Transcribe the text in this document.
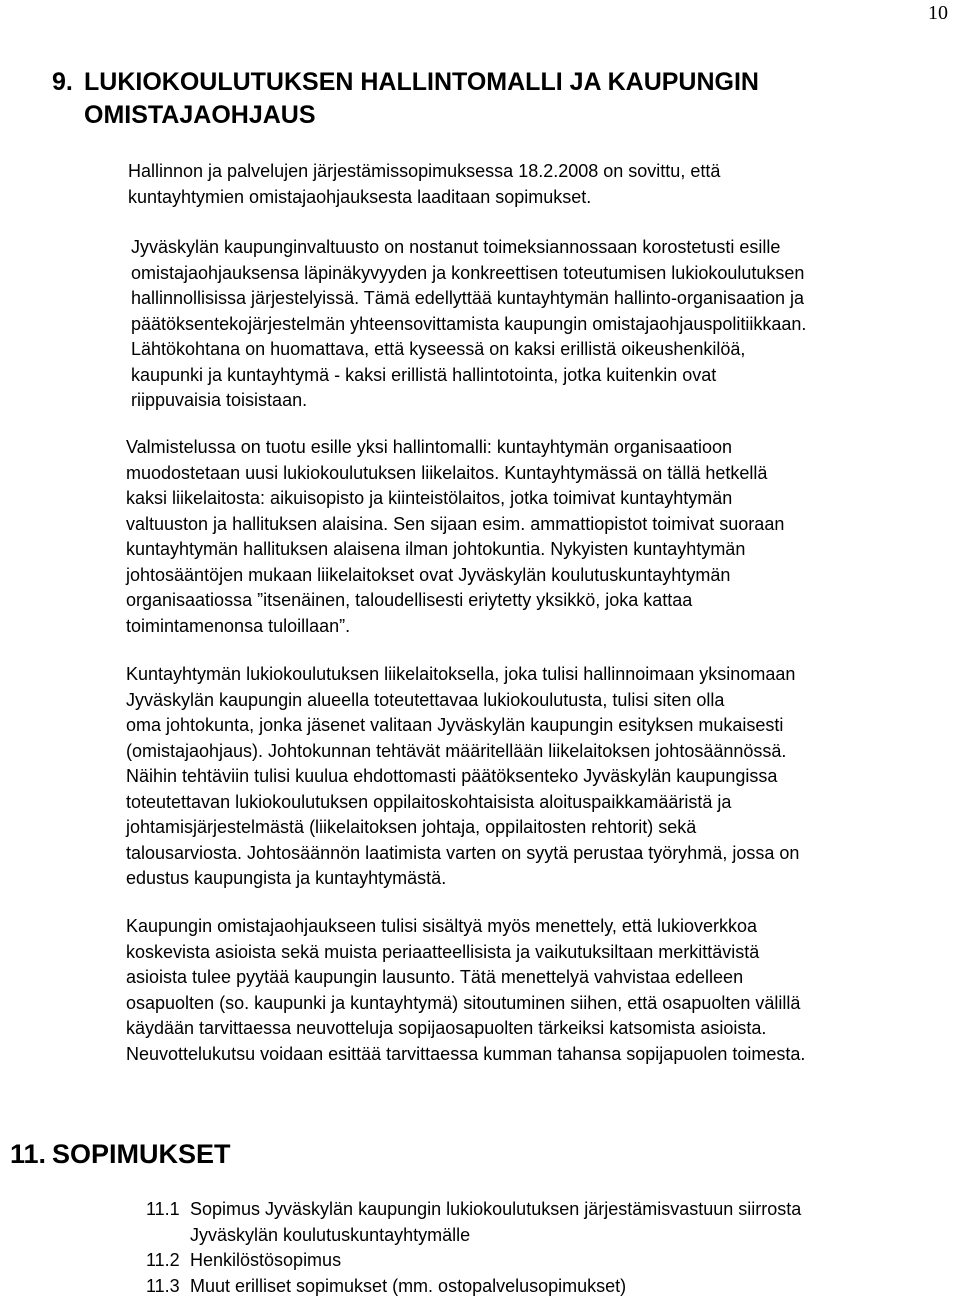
10
9. LUKIOKOULUTUKSEN HALLINTOMALLI JA KAUPUNGIN
OMISTAJAOHJAUS

Hallinnon ja palvelujen järjestämissopimuksessa 18.2.2008 on sovittu, että
kuntayhtymien omistajaohjauksesta laaditaan sopimukset.

Jyväskylän kaupunginvaltuusto on nostanut toimeksiannossaan korostetusti esille
omistajaohjauksensa läpinäkyvyyden ja konkreettisen toteutumisen lukiokoulutuksen
hallinnollisissa järjestelyissä. Tämä edellyttää kuntayhtymän hallinto-organisaation ja
päätöksentekojärjestelmän yhteensovittamista kaupungin omistajaohjauspolitiikkaan.
Lähtökohtana on huomattava, että kyseessä on kaksi erillistä oikeushenkilöä,
kaupunki ja kuntayhtymä - kaksi erillistä hallintotointa, jotka kuitenkin ovat
riippuvaisia toisistaan.

Valmistelussa on tuotu esille yksi hallintomalli: kuntayhtymän organisaatioon
muodostetaan uusi lukiokoulutuksen liikelaitos. Kuntayhtymässä on tällä hetkellä
kaksi liikelaitosta: aikuisopisto ja kiinteistölaitos, jotka toimivat kuntayhtymän
valtuuston ja hallituksen alaisina. Sen sijaan esim. ammattiopistot toimivat suoraan
kuntayhtymän hallituksen alaisena ilman johtokuntia. Nykyisten kuntayhtymän
johtosääntöjen mukaan liikelaitokset ovat Jyväskylän koulutuskuntayhtymän
organisaatiossa ”itsenäinen, taloudellisesti eriytetty yksikkö, joka kattaa
toimintamenonsa tuloillaan”.

Kuntayhtymän lukiokoulutuksen liikelaitoksella, joka tulisi hallinnoimaan yksinomaan
Jyväskylän kaupungin alueella toteutettavaa lukiokoulutusta, tulisi siten olla
oma johtokunta, jonka jäsenet valitaan Jyväskylän kaupungin esityksen mukaisesti
(omistajaohjaus). Johtokunnan tehtävät määritellään liikelaitoksen johtosäännössä.
Näihin tehtäviin tulisi kuulua ehdottomasti päätöksenteko Jyväskylän kaupungissa
toteutettavan lukiokoulutuksen oppilaitoskohtaisista aloituspaikkamääristä ja
johtamisjärjestelmästä (liikelaitoksen johtaja, oppilaitosten rehtorit) sekä
talousarviosta. Johtosäännön laatimista varten on syytä perustaa työryhmä, jossa on
edustus kaupungista ja kuntayhtymästä.

Kaupungin omistajaohjaukseen tulisi sisältyä myös menettely, että lukioverkkoa
koskevista asioista sekä muista periaatteellisista ja vaikutuksiltaan merkittävistä
asioista tulee pyytää kaupungin lausunto. Tätä menettelyä vahvistaa edelleen
osapuolten (so. kaupunki ja kuntayhtymä) sitoutuminen siihen, että osapuolten välillä
käydään tarvittaessa neuvotteluja sopijaosapuolten tärkeiksi katsomista asioista.
Neuvottelukutsu voidaan esittää tarvittaessa kumman tahansa sopijapuolen toimesta.

11. SOPIMUKSET
11.1 Sopimus Jyväskylän kaupungin lukiokoulutuksen järjestämisvastuun siirrosta
Jyväskylän koulutuskuntayhtymälle
11.2 Henkilöstösopimus
11.3 Muut erilliset sopimukset (mm. ostopalvelusopimukset)
